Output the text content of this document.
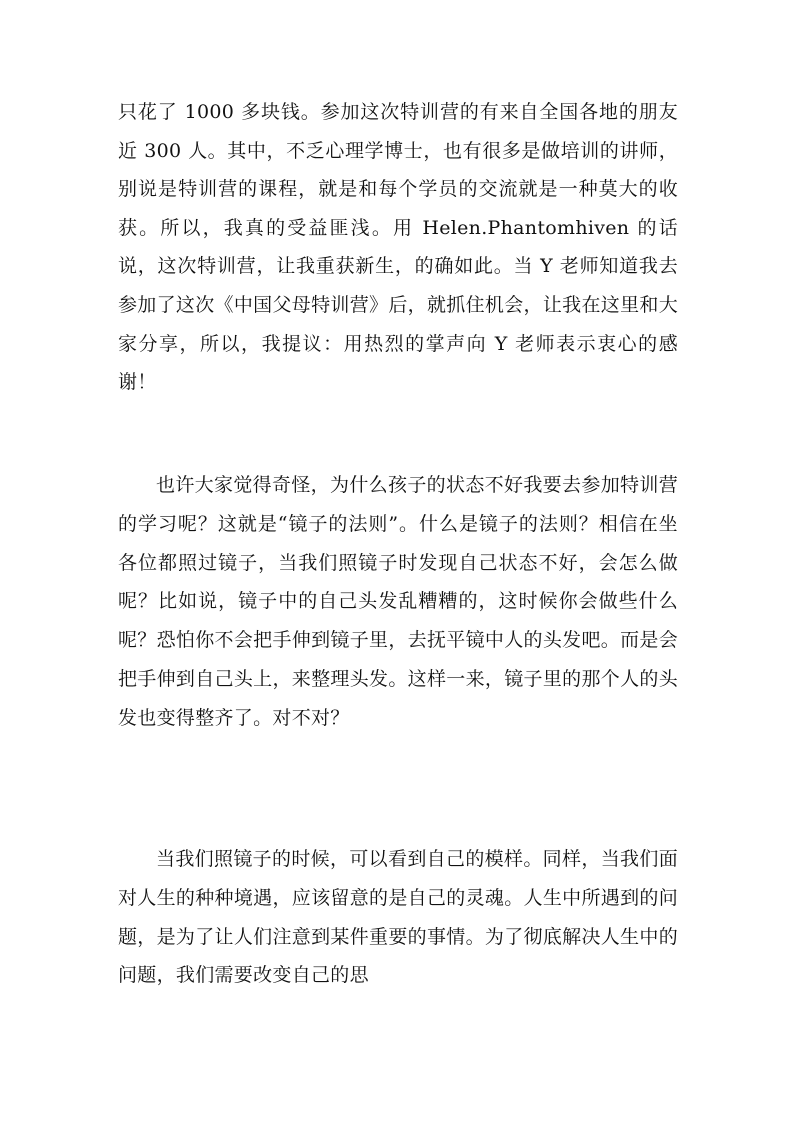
只花了 1000 多块钱。参加这次特训营的有来自全国各地的朋友近 300 人。其中，不乏心理学博士，也有很多是做培训的讲师，别说是特训营的课程，就是和每个学员的交流就是一种莫大的收获。所以，我真的受益匪浅。用 Helen.Phantomhiven 的话说，这次特训营，让我重获新生，的确如此。当 Y 老师知道我去参加了这次《中国父母特训营》后，就抓住机会，让我在这里和大家分享，所以，我提议：用热烈的掌声向 Y 老师表示衷心的感谢！

也许大家觉得奇怪，为什么孩子的状态不好我要去参加特训营的学习呢？这就是“镜子的法则”。什么是镜子的法则？相信在坐各位都照过镜子，当我们照镜子时发现自己状态不好，会怎么做呢？比如说，镜子中的自己头发乱糟糟的，这时候你会做些什么呢？恐怕你不会把手伸到镜子里，去抚平镜中人的头发吧。而是会把手伸到自己头上，来整理头发。这样一来，镜子里的那个人的头发也变得整齐了。对不对？

当我们照镜子的时候，可以看到自己的模样。同样，当我们面对人生的种种境遇，应该留意的是自己的灵魂。人生中所遇到的问题，是为了让人们注意到某件重要的事情。为了彻底解决人生中的问题，我们需要改变自己的思
